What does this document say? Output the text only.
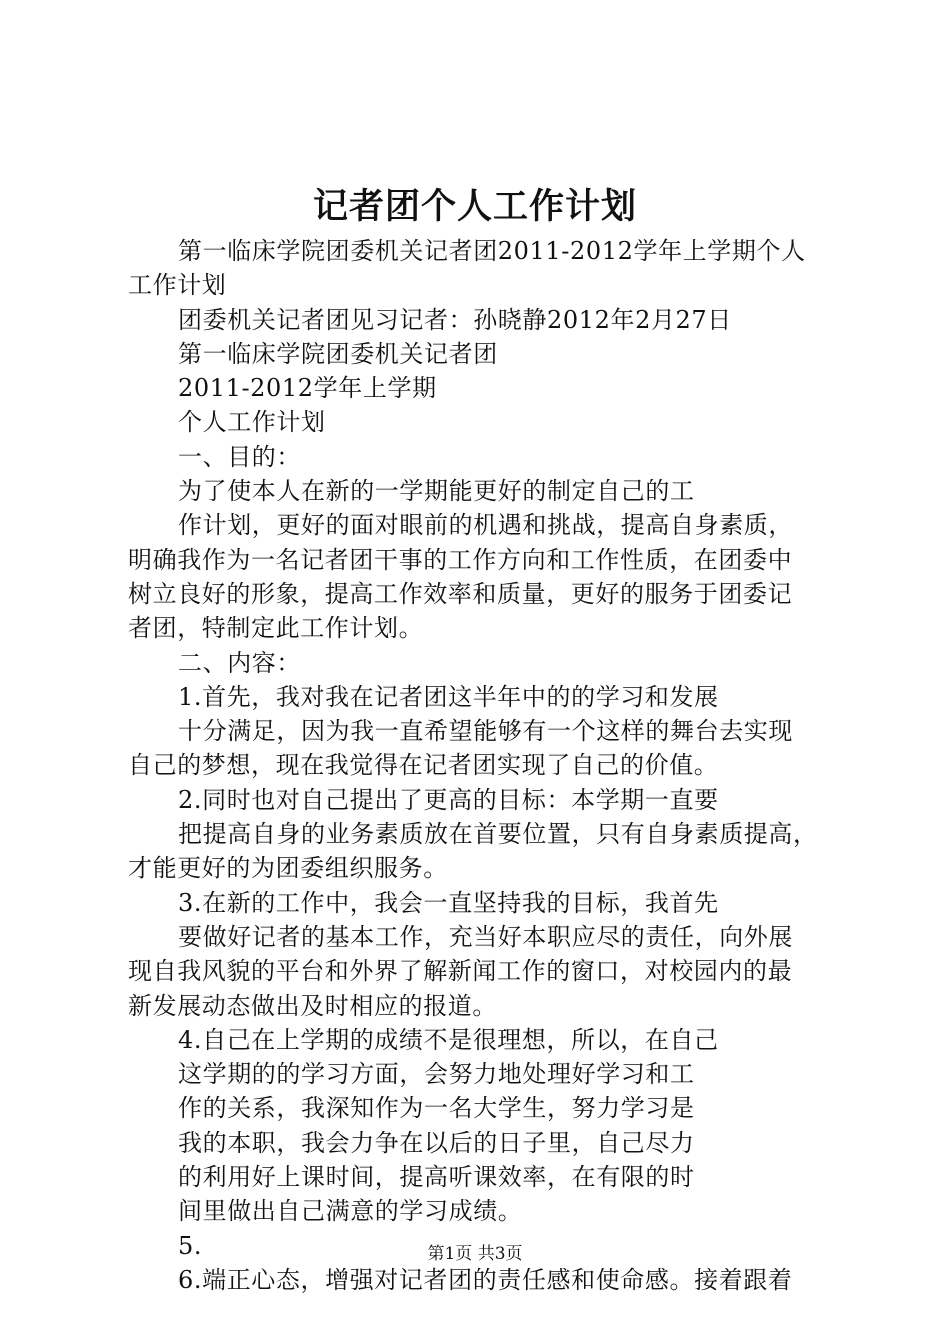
记者团个人工作计划
第一临床学院团委机关记者团2011-2012学年上学期个人
工作计划
团委机关记者团见习记者：孙晓静2012年2月27日
第一临床学院团委机关记者团
2011-2012学年上学期
个人工作计划
一、目的：
为了使本人在新的一学期能更好的制定自己的工
作计划，更好的面对眼前的机遇和挑战，提高自身素质，
明确我作为一名记者团干事的工作方向和工作性质，在团委中
树立良好的形象，提高工作效率和质量，更好的服务于团委记
者团，特制定此工作计划。
二、内容：
1.首先，我对我在记者团这半年中的的学习和发展
十分满足，因为我一直希望能够有一个这样的舞台去实现
自己的梦想，现在我觉得在记者团实现了自己的价值。
2.同时也对自己提出了更高的目标：本学期一直要
把提高自身的业务素质放在首要位置，只有自身素质提高，
才能更好的为团委组织服务。
3.在新的工作中，我会一直坚持我的目标，我首先
要做好记者的基本工作，充当好本职应尽的责任，向外展
现自我风貌的平台和外界了解新闻工作的窗口，对校园内的最
新发展动态做出及时相应的报道。
4.自己在上学期的成绩不是很理想，所以，在自己
这学期的的学习方面，会努力地处理好学习和工
作的关系，我深知作为一名大学生，努力学习是
我的本职，我会力争在以后的日子里，自己尽力
的利用好上课时间，提高听课效率，在有限的时
间里做出自己满意的学习成绩。
5.
6.端正心态，增强对记者团的责任感和使命感。接着跟着
第1页 共3页
